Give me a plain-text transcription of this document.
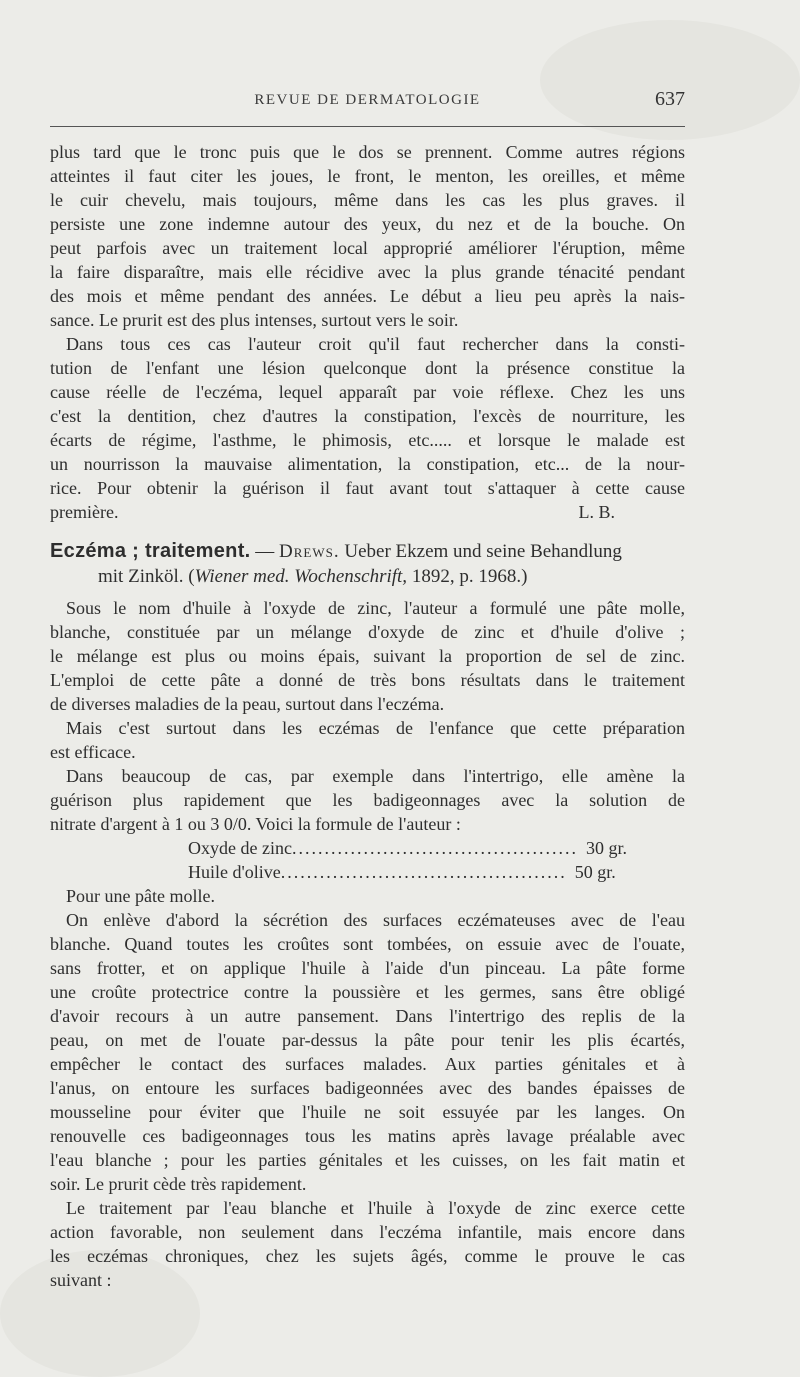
REVUE DE DERMATOLOGIE	637
plus tard que le tronc puis que le dos se prennent. Comme autres régions
atteintes il faut citer les joues, le front, le menton, les oreilles, et même
le cuir chevelu, mais toujours, même dans les cas les plus graves. il
persiste une zone indemne autour des yeux, du nez et de la bouche. On
peut parfois avec un traitement local approprié améliorer l'éruption, même
la faire disparaître, mais elle récidive avec la plus grande ténacité pendant
des mois et même pendant des années. Le début a lieu peu après la nais-
sance. Le prurit est des plus intenses, surtout vers le soir.
Dans tous ces cas l'auteur croit qu'il faut rechercher dans la consti-
tution de l'enfant une lésion quelconque dont la présence constitue la
cause réelle de l'eczéma, lequel apparaît par voie réflexe. Chez les uns
c'est la dentition, chez d'autres la constipation, l'excès de nourriture, les
écarts de régime, l'asthme, le phimosis, etc..... et lorsque le malade est
un nourrisson la mauvaise alimentation, la constipation, etc... de la nour-
rice. Pour obtenir la guérison il faut avant tout s'attaquer à cette cause
première.	L. B.
Eczéma ; traitement. — Drews. Ueber Ekzem und seine Behandlung
mit Zinköl. (Wiener med. Wochenschrift, 1892, p. 1968.)
Sous le nom d'huile à l'oxyde de zinc, l'auteur a formulé une pâte molle,
blanche, constituée par un mélange d'oxyde de zinc et d'huile d'olive ;
le mélange est plus ou moins épais, suivant la proportion de sel de zinc.
L'emploi de cette pâte a donné de très bons résultats dans le traitement
de diverses maladies de la peau, surtout dans l'eczéma.
Mais c'est surtout dans les eczémas de l'enfance que cette préparation
est efficace.
Dans beaucoup de cas, par exemple dans l'intertrigo, elle amène la
guérison plus rapidement que les badigeonnages avec la solution de
nitrate d'argent à 1 ou 3 0/0. Voici la formule de l'auteur :
Oxyde de zinc ............................................ 30 gr.
Huile d'olive ............................................ 50 gr.
Pour une pâte molle.
On enlève d'abord la sécrétion des surfaces eczémateuses avec de l'eau
blanche. Quand toutes les croûtes sont tombées, on essuie avec de l'ouate,
sans frotter, et on applique l'huile à l'aide d'un pinceau. La pâte forme
une croûte protectrice contre la poussière et les germes, sans être obligé
d'avoir recours à un autre pansement. Dans l'intertrigo des replis de la
peau, on met de l'ouate par-dessus la pâte pour tenir les plis écartés,
empêcher le contact des surfaces malades. Aux parties génitales et à
l'anus, on entoure les surfaces badigeonnées avec des bandes épaisses de
mousseline pour éviter que l'huile ne soit essuyée par les langes. On
renouvelle ces badigeonnages tous les matins après lavage préalable avec
l'eau blanche ; pour les parties génitales et les cuisses, on les fait matin et
soir. Le prurit cède très rapidement.
Le traitement par l'eau blanche et l'huile à l'oxyde de zinc exerce cette
action favorable, non seulement dans l'eczéma infantile, mais encore dans
les eczémas chroniques, chez les sujets âgés, comme le prouve le cas
suivant :
